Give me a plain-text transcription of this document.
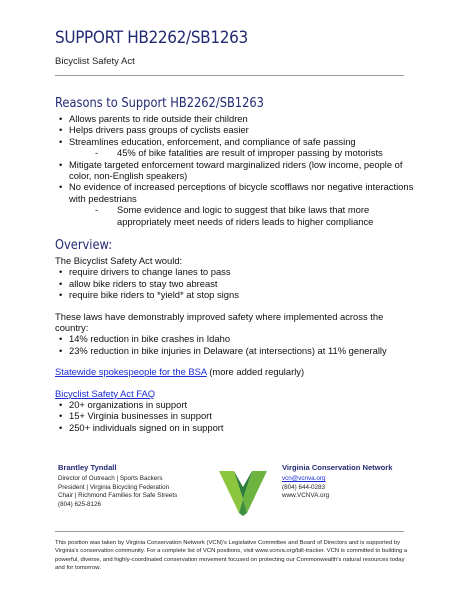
SUPPORT HB2262/SB1263
Bicyclist Safety Act
Reasons to Support HB2262/SB1263
• Allows parents to ride outside their children
• Helps drivers pass groups of cyclists easier
• Streamlines education, enforcement, and compliance of safe passing
-	45% of bike fatalities are result of improper passing by motorists
• Mitigate targeted enforcement toward marginalized riders (low income, people of color, non-English speakers)
• No evidence of increased perceptions of bicycle scofflaws nor negative interactions with pedestrians
-	Some evidence and logic to suggest that bike laws that more appropriately meet needs of riders leads to higher compliance
Overview:

The Bicyclist Safety Act would:

• require drivers to change lanes to pass
• allow bike riders to stay two abreast
• require bike riders to *yield* at stop signs

These laws have demonstrably improved safety where implemented across the country:

• 14% reduction in bike crashes in Idaho
• 23% reduction in bike injuries in Delaware (at intersections) at 11% generally

Statewide spokespeople for the BSA (more added regularly)

Bicyclist Safety Act FAQ

• 20+ organizations in support
• 15+ Virginia businesses in support
• 250+ individuals signed on in support
Brantley Tyndall
Director of Outreach | Sports Backers
President | Virginia Bicycling Federation
Chair | Richmond Families for Safe Streets
(804) 625-8126
Virginia Conservation Network
vcn@vcnva.org
(804) 644-0283
www.VCNVA.org
This position was taken by Virginia Conservation Network (VCN)'s Legislative Committee and Board of Directors and is supported by Virginia's conservation community. For a complete list of VCN positions, visit www.vcnva.org/bill-tracker. VCN is committed to building a powerful, diverse, and highly-coordinated conservation movement focused on protecting our Commonwealth's natural resources today and for tomorrow.
